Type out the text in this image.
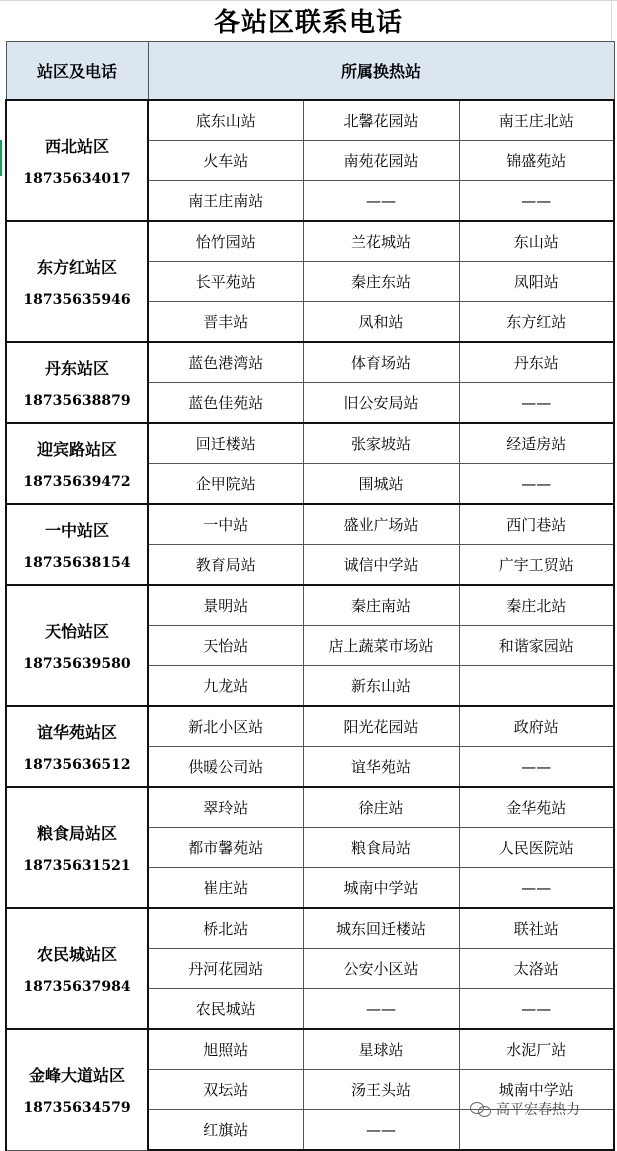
各站区联系电话
站区及电话	所属换热站		

西北站区
18735634017	底东山站	北馨花园站	南王庄北站
	火车站	南苑花园站	锦盛苑站
	南王庄南站	——	——

东方红站区
18735635946	怡竹园站	兰花城站	东山站
	长平苑站	秦庄东站	凤阳站
	晋丰站	凤和站	东方红站

丹东站区
18735638879	蓝色港湾站	体育场站	丹东站
	蓝色佳苑站	旧公安局站	——

迎宾路站区
18735639472	回迁楼站	张家坡站	经适房站
	企甲院站	围城站	——

一中站区
18735638154	一中站	盛业广场站	西门巷站
	教育局站	诚信中学站	广宇工贸站

天怡站区
18735639580	景明站	秦庄南站	秦庄北站
	天怡站	店上蔬菜市场站	和谐家园站
	九龙站	新东山站	

谊华苑站区
18735636512	新北小区站	阳光花园站	政府站
	供暖公司站	谊华苑站	——

粮食局站区
18735631521	翠玲站	徐庄站	金华苑站
	都市馨苑站	粮食局站	人民医院站
	崔庄站	城南中学站	——

农民城站区
18735637984	桥北站	城东回迁楼站	联社站
	丹河花园站	公安小区站	太洛站
	农民城站	——	——

金峰大道站区
18735634579	旭照站	星球站	水泥厂站
	双坛站	汤王头站	城南中学站
	红旗站	——	
高平宏春热力
